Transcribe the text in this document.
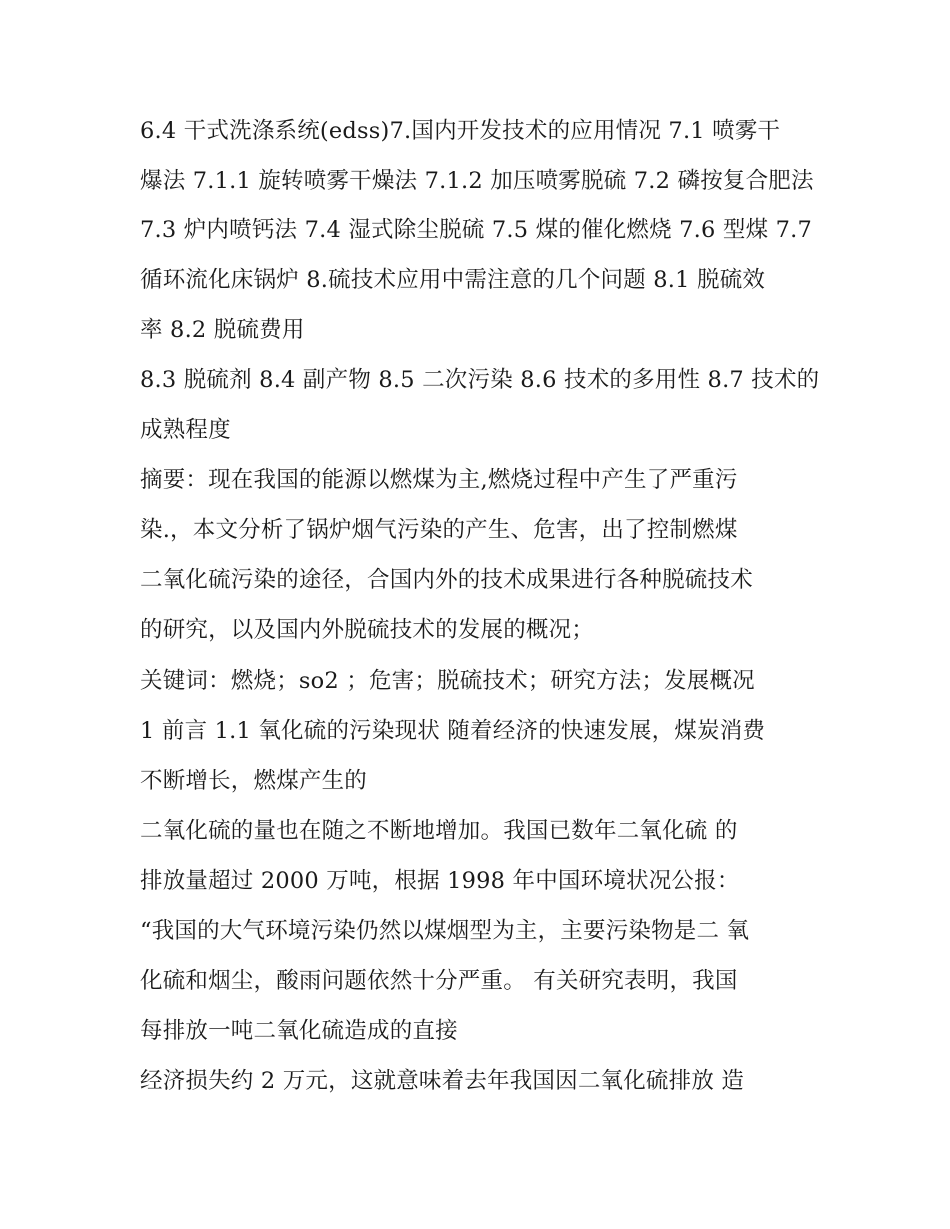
6.4 干式洗涤系统(edss)7.国内开发技术的应用情况 7.1 喷雾干
爆法 7.1.1 旋转喷雾干燥法 7.1.2 加压喷雾脱硫 7.2 磷按复合肥法
7.3 炉内喷钙法 7.4 湿式除尘脱硫 7.5 煤的催化燃烧 7.6 型煤 7.7
循环流化床锅炉 8.硫技术应用中需注意的几个问题 8.1 脱硫效
率 8.2 脱硫费用
8.3 脱硫剂 8.4 副产物 8.5 二次污染 8.6 技术的多用性 8.7 技术的
成熟程度
摘要：现在我国的能源以燃煤为主,燃烧过程中产生了严重污
染.，本文分析了锅炉烟气污染的产生、危害，出了控制燃煤
二氧化硫污染的途径，合国内外的技术成果进行各种脱硫技术
的研究，以及国内外脱硫技术的发展的概况；
关键词：燃烧；so2 ；危害；脱硫技术；研究方法；发展概况
1 前言 1.1 氧化硫的污染现状 随着经济的快速发展，煤炭消费
不断增长，燃煤产生的
二氧化硫的量也在随之不断地增加。我国已数年二氧化硫 的
排放量超过 2000 万吨，根据 1998 年中国环境状况公报：
“我国的大气环境污染仍然以煤烟型为主，主要污染物是二 氧
化硫和烟尘，酸雨问题依然十分严重。 有关研究表明，我国
每排放一吨二氧化硫造成的直接
经济损失约 2 万元，这就意味着去年我国因二氧化硫排放 造
